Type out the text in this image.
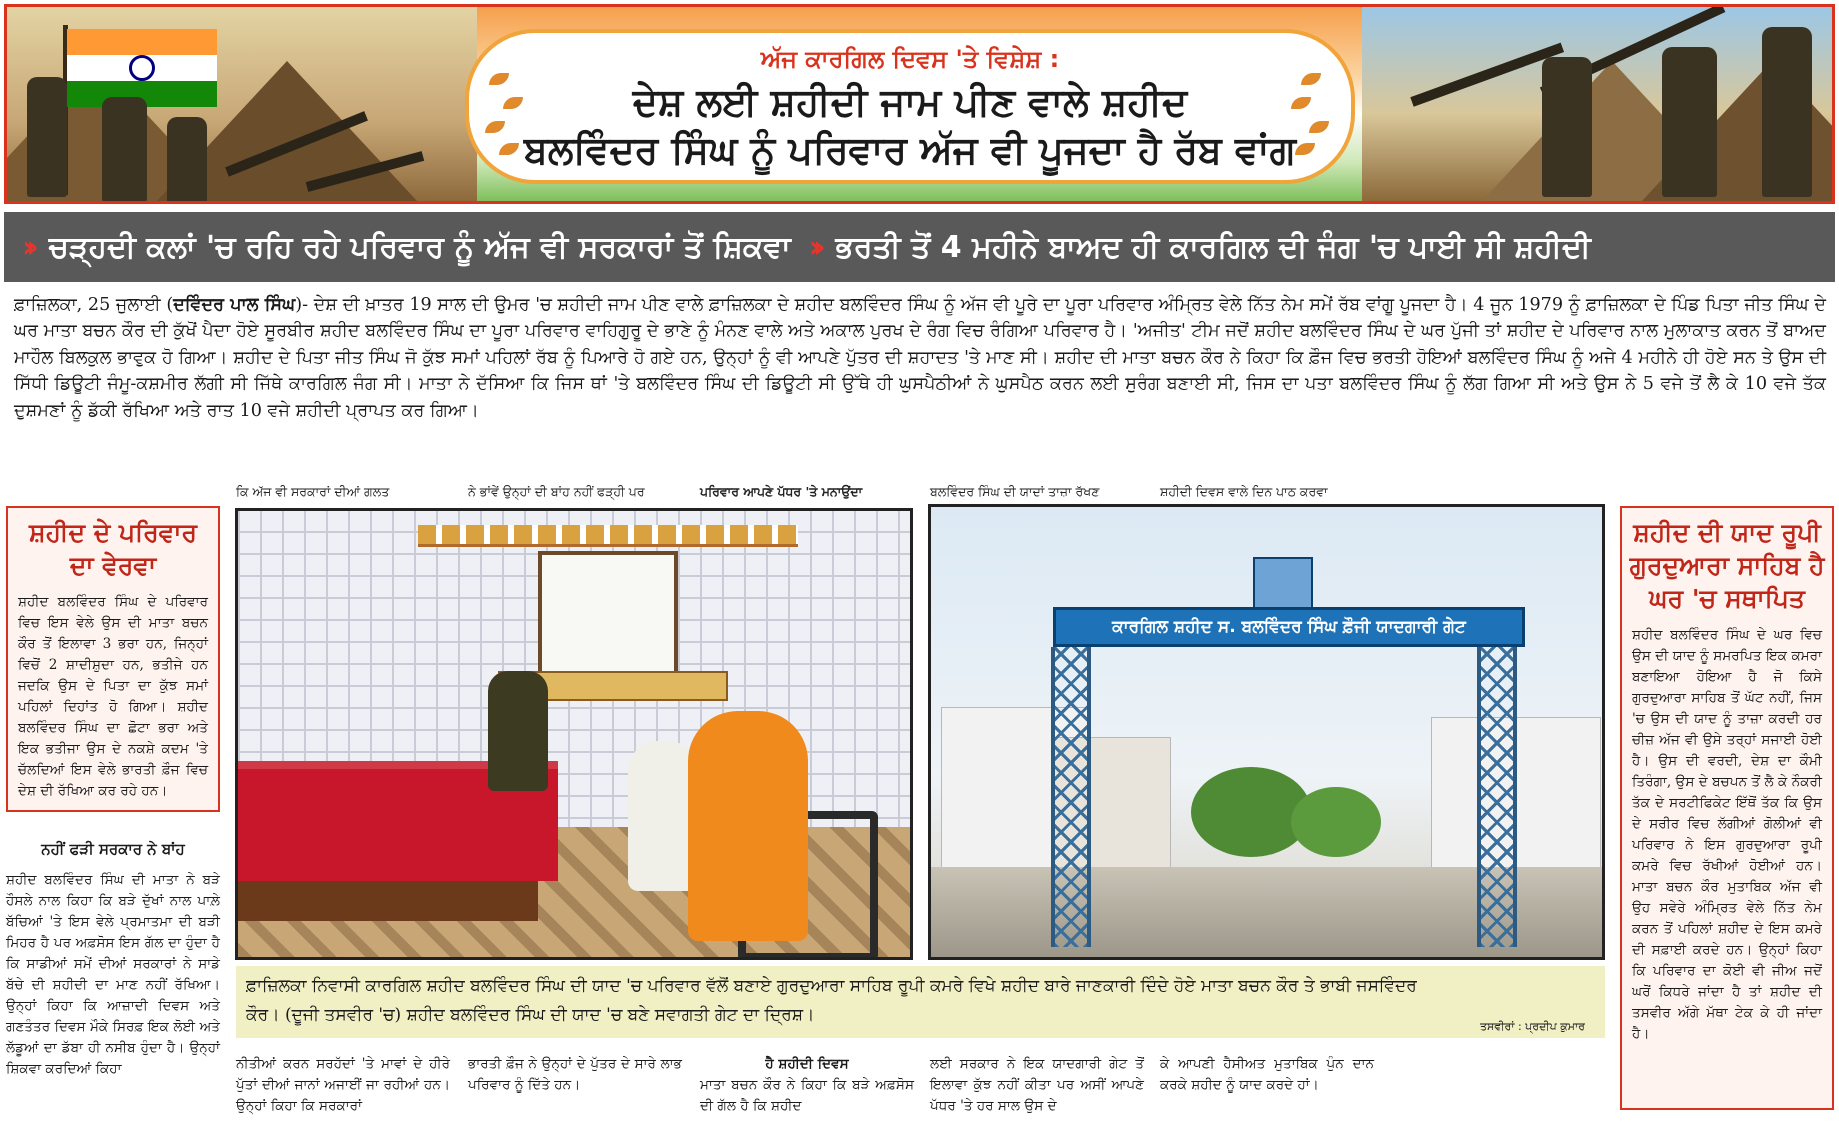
ਅੱਜ ਕਾਰਗਿਲ ਦਿਵਸ 'ਤੇ ਵਿਸ਼ੇਸ਼ :
ਦੇਸ਼ ਲਈ ਸ਼ਹੀਦੀ ਜਾਮ ਪੀਣ ਵਾਲੇ ਸ਼ਹੀਦ
ਬਲਵਿੰਦਰ ਸਿੰਘ ਨੂੰ ਪਰਿਵਾਰ ਅੱਜ ਵੀ ਪੂਜਦਾ ਹੈ ਰੱਬ ਵਾਂਗ
›› ਚੜ੍ਹਦੀ ਕਲਾਂ 'ਚ ਰਹਿ ਰਹੇ ਪਰਿਵਾਰ ਨੂੰ ਅੱਜ ਵੀ ਸਰਕਾਰਾਂ ਤੋਂ ਸ਼ਿਕਵਾ ›› ਭਰਤੀ ਤੋਂ 4 ਮਹੀਨੇ ਬਾਅਦ ਹੀ ਕਾਰਗਿਲ ਦੀ ਜੰਗ 'ਚ ਪਾਈ ਸੀ ਸ਼ਹੀਦੀ
ਫ਼ਾਜ਼ਿਲਕਾ, 25 ਜੁਲਾਈ (ਦਵਿੰਦਰ ਪਾਲ ਸਿੰਘ)- ਦੇਸ਼ ਦੀ ਖ਼ਾਤਰ 19 ਸਾਲ ਦੀ ਉਮਰ 'ਚ ਸ਼ਹੀਦੀ ਜਾਮ ਪੀਣ ਵਾਲੇ ਫ਼ਾਜ਼ਿਲਕਾ ਦੇ ਸ਼ਹੀਦ ਬਲਵਿੰਦਰ ਸਿੰਘ ਨੂੰ ਅੱਜ ਵੀ ਪੂਰੇ ਦਾ ਪੂਰਾ ਪਰਿਵਾਰ ਅੰਮ੍ਰਿਤ ਵੇਲੇ ਨਿੱਤ ਨੇਮ ਸਮੇਂ ਰੱਬ ਵਾਂਗੂ ਪੂਜਦਾ ਹੈ। 4 ਜੂਨ 1979 ਨੂੰ ਫ਼ਾਜ਼ਿਲਕਾ ਦੇ ਪਿੰਡ ਪਿਤਾ ਜੀਤ ਸਿੰਘ ਦੇ ਘਰ ਮਾਤਾ ਬਚਨ ਕੌਰ ਦੀ ਕੁੱਖੋਂ ਪੈਦਾ ਹੋਏ ਸੂਰਬੀਰ ਸ਼ਹੀਦ ਬਲਵਿੰਦਰ ਸਿੰਘ ਦਾ ਪੂਰਾ ਪਰਿਵਾਰ ਵਾਹਿਗੁਰੂ ਦੇ ਭਾਣੇ ਨੂੰ ਮੰਨਣ ਵਾਲੇ ਅਤੇ ਅਕਾਲ ਪੁਰਖ ਦੇ ਰੰਗ ਵਿਚ ਰੰਗਿਆ ਪਰਿਵਾਰ ਹੈ। 'ਅਜੀਤ' ਟੀਮ ਜਦੋਂ ਸ਼ਹੀਦ ਬਲਵਿੰਦਰ ਸਿੰਘ ਦੇ ਘਰ ਪੁੱਜੀ ਤਾਂ ਸ਼ਹੀਦ ਦੇ ਪਰਿਵਾਰ ਨਾਲ ਮੁਲਾਕਾਤ ਕਰਨ ਤੋਂ ਬਾਅਦ ਮਾਹੌਲ ਬਿਲਕੁਲ ਭਾਵੁਕ ਹੋ ਗਿਆ। ਸ਼ਹੀਦ ਦੇ ਪਿਤਾ ਜੀਤ ਸਿੰਘ ਜੋ ਕੁੱਝ ਸਮਾਂ ਪਹਿਲਾਂ ਰੱਬ ਨੂੰ ਪਿਆਰੇ ਹੋ ਗਏ ਹਨ, ਉਨ੍ਹਾਂ ਨੂੰ ਵੀ ਆਪਣੇ ਪੁੱਤਰ ਦੀ ਸ਼ਹਾਦਤ 'ਤੇ ਮਾਣ ਸੀ। ਸ਼ਹੀਦ ਦੀ ਮਾਤਾ ਬਚਨ ਕੌਰ ਨੇ ਕਿਹਾ ਕਿ ਫ਼ੌਜ ਵਿਚ ਭਰਤੀ ਹੋਇਆਂ ਬਲਵਿੰਦਰ ਸਿੰਘ ਨੂੰ ਅਜੇ 4 ਮਹੀਨੇ ਹੀ ਹੋਏ ਸਨ ਤੇ ਉਸ ਦੀ ਸਿੱਧੀ ਡਿਊਟੀ ਜੰਮੂ-ਕਸ਼ਮੀਰ ਲੱਗੀ ਸੀ ਜਿੱਥੇ ਕਾਰਗਿਲ ਜੰਗ ਸੀ। ਮਾਤਾ ਨੇ ਦੱਸਿਆ ਕਿ ਜਿਸ ਥਾਂ 'ਤੇ ਬਲਵਿੰਦਰ ਸਿੰਘ ਦੀ ਡਿਊਟੀ ਸੀ ਉੱਥੇ ਹੀ ਘੁਸਪੈਠੀਆਂ ਨੇ ਘੁਸਪੈਠ ਕਰਨ ਲਈ ਸੁਰੰਗ ਬਣਾਈ ਸੀ, ਜਿਸ ਦਾ ਪਤਾ ਬਲਵਿੰਦਰ ਸਿੰਘ ਨੂੰ ਲੱਗ ਗਿਆ ਸੀ ਅਤੇ ਉਸ ਨੇ 5 ਵਜੇ ਤੋਂ ਲੈ ਕੇ 10 ਵਜੇ ਤੱਕ ਦੁਸ਼ਮਣਾਂ ਨੂੰ ਡੱਕੀ ਰੱਖਿਆ ਅਤੇ ਰਾਤ 10 ਵਜੇ ਸ਼ਹੀਦੀ ਪ੍ਰਾਪਤ ਕਰ ਗਿਆ।
ਕਿ ਅੱਜ ਵੀ ਸਰਕਾਰਾਂ ਦੀਆਂ ਗਲਤ	ਨੇ ਭਾਂਵੇਂ ਉਨ੍ਹਾਂ ਦੀ ਬਾਂਹ ਨਹੀਂ ਫੜ੍ਹੀ ਪਰ	ਪਰਿਵਾਰ ਆਪਣੇ ਪੱਧਰ 'ਤੇ ਮਨਾਉਂਦਾ	ਬਲਵਿੰਦਰ ਸਿੰਘ ਦੀ ਯਾਦਾਂ ਤਾਜ਼ਾ ਰੱਖਣ	ਸ਼ਹੀਦੀ ਦਿਵਸ ਵਾਲੇ ਦਿਨ ਪਾਠ ਕਰਵਾ
ਸ਼ਹੀਦ ਦੇ ਪਰਿਵਾਰ ਦਾ ਵੇਰਵਾ

ਸ਼ਹੀਦ ਬਲਵਿੰਦਰ ਸਿੰਘ ਦੇ ਪਰਿਵਾਰ ਵਿਚ ਇਸ ਵੇਲੇ ਉਸ ਦੀ ਮਾਤਾ ਬਚਨ ਕੌਰ ਤੋਂ ਇਲਾਵਾ 3 ਭਰਾ ਹਨ, ਜਿਨ੍ਹਾਂ ਵਿਚੋਂ 2 ਸ਼ਾਦੀਸ਼ੁਦਾ ਹਨ, ਭਤੀਜੇ ਹਨ ਜਦਕਿ ਉਸ ਦੇ ਪਿਤਾ ਦਾ ਕੁੱਝ ਸਮਾਂ ਪਹਿਲਾਂ ਦਿਹਾਂਤ ਹੋ ਗਿਆ। ਸ਼ਹੀਦ ਬਲਵਿੰਦਰ ਸਿੰਘ ਦਾ ਛੋਟਾ ਭਰਾ ਅਤੇ ਇਕ ਭਤੀਜਾ ਉਸ ਦੇ ਨਕਸ਼ੇ ਕਦਮ 'ਤੇ ਚੱਲਦਿਆਂ ਇਸ ਵੇਲੇ ਭਾਰਤੀ ਫ਼ੌਜ ਵਿਚ ਦੇਸ਼ ਦੀ ਰੱਖਿਆ ਕਰ ਰਹੇ ਹਨ।

ਨਹੀਂ ਫੜੀ ਸਰਕਾਰ ਨੇ ਬਾਂਹ
ਸ਼ਹੀਦ ਬਲਵਿੰਦਰ ਸਿੰਘ ਦੀ ਮਾਤਾ ਨੇ ਬੜੇ ਹੌਸਲੇ ਨਾਲ ਕਿਹਾ ਕਿ ਬੜੇ ਦੁੱਖਾਂ ਨਾਲ ਪਾਲ਼ੇ ਬੱਚਿਆਂ 'ਤੇ ਇਸ ਵੇਲੇ ਪ੍ਰਮਾਤਮਾ ਦੀ ਬੜੀ ਮਿਹਰ ਹੈ ਪਰ ਅਫ਼ਸੋਸ ਇਸ ਗੱਲ ਦਾ ਹੁੰਦਾ ਹੈ ਕਿ ਸਾਡੀਆਂ ਸਮੇਂ ਦੀਆਂ ਸਰਕਾਰਾਂ ਨੇ ਸਾਡੇ ਬੱਚੇ ਦੀ ਸ਼ਹੀਦੀ ਦਾ ਮਾਣ ਨਹੀਂ ਰੱਖਿਆ। ਉਨ੍ਹਾਂ ਕਿਹਾ ਕਿ ਆਜ਼ਾਦੀ ਦਿਵਸ ਅਤੇ ਗਣਤੰਤਰ ਦਿਵਸ ਮੌਕੇ ਸਿਰਫ਼ ਇਕ ਲੋਈ ਅਤੇ ਲੱਡੂਆਂ ਦਾ ਡੱਬਾ ਹੀ ਨਸੀਬ ਹੁੰਦਾ ਹੈ। ਉਨ੍ਹਾਂ ਸ਼ਿਕਵਾ ਕਰਦਿਆਂ ਕਿਹਾ
ਕਾਰਗਿਲ ਸ਼ਹੀਦ ਸ. ਬਲਵਿੰਦਰ ਸਿੰਘ ਫ਼ੌਜੀ ਯਾਦਗਾਰੀ ਗੇਟ

ਫ਼ਾਜ਼ਿਲਕਾ ਨਿਵਾਸੀ ਕਾਰਗਿਲ ਸ਼ਹੀਦ ਬਲਵਿੰਦਰ ਸਿੰਘ ਦੀ ਯਾਦ 'ਚ ਪਰਿਵਾਰ ਵੱਲੋਂ ਬਣਾਏ ਗੁਰਦੁਆਰਾ ਸਾਹਿਬ ਰੂਪੀ ਕਮਰੇ ਵਿਖੇ ਸ਼ਹੀਦ ਬਾਰੇ ਜਾਣਕਾਰੀ ਦਿੰਦੇ ਹੋਏ ਮਾਤਾ ਬਚਨ ਕੌਰ ਤੇ ਭਾਬੀ ਜਸਵਿੰਦਰ

ਕੌਰ। (ਦੂਜੀ ਤਸਵੀਰ 'ਚ) ਸ਼ਹੀਦ ਬਲਵਿੰਦਰ ਸਿੰਘ ਦੀ ਯਾਦ 'ਚ ਬਣੇ ਸਵਾਗਤੀ ਗੇਟ ਦਾ ਦ੍ਰਿਸ਼।

ਤਸਵੀਰਾਂ : ਪ੍ਰਦੀਪ ਕੁਮਾਰ
ਸ਼ਹੀਦ ਦੀ ਯਾਦ ਰੂਪੀ ਗੁਰਦੁਆਰਾ ਸਾਹਿਬ ਹੈ ਘਰ 'ਚ ਸਥਾਪਿਤ

ਸ਼ਹੀਦ ਬਲਵਿੰਦਰ ਸਿੰਘ ਦੇ ਘਰ ਵਿਚ ਉਸ ਦੀ ਯਾਦ ਨੂੰ ਸਮਰਪਿਤ ਇਕ ਕਮਰਾ ਬਣਾਇਆ ਹੋਇਆ ਹੈ ਜੋ ਕਿਸੇ ਗੁਰਦੁਆਰਾ ਸਾਹਿਬ ਤੋਂ ਘੱਟ ਨਹੀਂ, ਜਿਸ 'ਚ ਉਸ ਦੀ ਯਾਦ ਨੂੰ ਤਾਜ਼ਾ ਕਰਦੀ ਹਰ ਚੀਜ਼ ਅੱਜ ਵੀ ਉਸੇ ਤਰ੍ਹਾਂ ਸਜਾਈ ਹੋਈ ਹੈ। ਉਸ ਦੀ ਵਰਦੀ, ਦੇਸ਼ ਦਾ ਕੌਮੀ ਤਿਰੰਗਾ, ਉਸ ਦੇ ਬਚਪਨ ਤੋਂ ਲੈ ਕੇ ਨੌਕਰੀ ਤੱਕ ਦੇ ਸਰਟੀਫਿਕੇਟ ਇੱਥੋਂ ਤੱਕ ਕਿ ਉਸ ਦੇ ਸਰੀਰ ਵਿਚ ਲੱਗੀਆਂ ਗੋਲੀਆਂ ਵੀ ਪਰਿਵਾਰ ਨੇ ਇਸ ਗੁਰਦੁਆਰਾ ਰੂਪੀ ਕਮਰੇ ਵਿਚ ਰੱਖੀਆਂ ਹੋਈਆਂ ਹਨ। ਮਾਤਾ ਬਚਨ ਕੌਰ ਮੁਤਾਬਿਕ ਅੱਜ ਵੀ ਉਹ ਸਵੇਰੇ ਅੰਮ੍ਰਿਤ ਵੇਲੇ ਨਿੱਤ ਨੇਮ ਕਰਨ ਤੋਂ ਪਹਿਲਾਂ ਸ਼ਹੀਦ ਦੇ ਇਸ ਕਮਰੇ ਦੀ ਸਫ਼ਾਈ ਕਰਦੇ ਹਨ। ਉਨ੍ਹਾਂ ਕਿਹਾ ਕਿ ਪਰਿਵਾਰ ਦਾ ਕੋਈ ਵੀ ਜੀਅ ਜਦੋਂ ਘਰੋਂ ਕਿਧਰੇ ਜਾਂਦਾ ਹੈ ਤਾਂ ਸ਼ਹੀਦ ਦੀ ਤਸਵੀਰ ਅੱਗੇ ਮੱਥਾ ਟੇਕ ਕੇ ਹੀ ਜਾਂਦਾ ਹੈ।

ਨੀਤੀਆਂ ਕਰਨ ਸਰਹੱਦਾਂ 'ਤੇ ਮਾਵਾਂ ਦੇ ਹੀਰੇ ਪੁੱਤਾਂ ਦੀਆਂ ਜਾਨਾਂ ਅਜਾਈਂ ਜਾ ਰਹੀਆਂ ਹਨ। ਉਨ੍ਹਾਂ ਕਿਹਾ ਕਿ ਸਰਕਾਰਾਂ
ਭਾਰਤੀ ਫ਼ੌਜ ਨੇ ਉਨ੍ਹਾਂ ਦੇ ਪੁੱਤਰ ਦੇ ਸਾਰੇ ਲਾਭ ਪਰਿਵਾਰ ਨੂੰ ਦਿੱਤੇ ਹਨ।
ਹੈ ਸ਼ਹੀਦੀ ਦਿਵਸ
ਮਾਤਾ ਬਚਨ ਕੌਰ ਨੇ ਕਿਹਾ ਕਿ ਬੜੇ ਅਫ਼ਸੋਸ ਦੀ ਗੱਲ ਹੈ ਕਿ ਸ਼ਹੀਦ
ਲਈ ਸਰਕਾਰ ਨੇ ਇਕ ਯਾਦਗਾਰੀ ਗੇਟ ਤੋਂ ਇਲਾਵਾ ਕੁੱਝ ਨਹੀਂ ਕੀਤਾ ਪਰ ਅਸੀਂ ਆਪਣੇ ਪੱਧਰ 'ਤੇ ਹਰ ਸਾਲ ਉਸ ਦੇ
ਕੇ ਆਪਣੀ ਹੈਸੀਅਤ ਮੁਤਾਬਿਕ ਪੁੰਨ ਦਾਨ ਕਰਕੇ ਸ਼ਹੀਦ ਨੂੰ ਯਾਦ ਕਰਦੇ ਹਾਂ।
